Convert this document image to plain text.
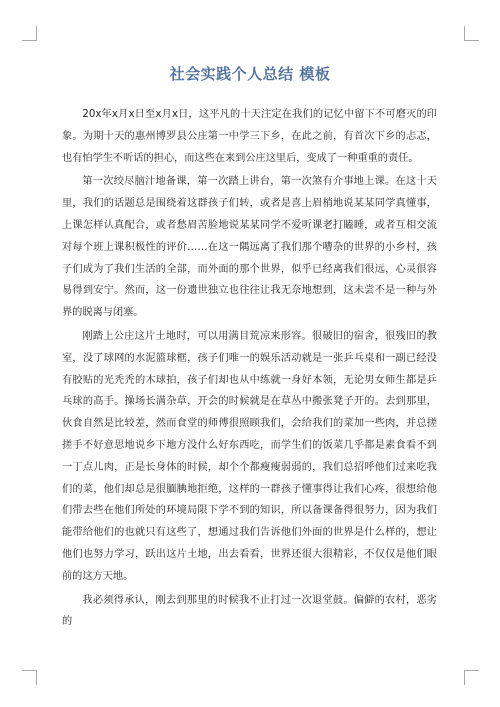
社会实践个人总结 模板

20x年x月x日至x月x日，这平凡的十天注定在我们的记忆中留下不可磨灭的印象。为期十天的惠州博罗县公庄第一中学三下乡，在此之前，有首次下乡的忐忑，也有怕学生不听话的担心，而这些在来到公庄这里后，变成了一种重重的责任。

第一次绞尽脑汁地备课，第一次踏上讲台，第一次煞有介事地上课。在这十天里，我们的话题总是围绕着这群孩子们转，或者是喜上眉梢地说某某同学真懂事，上课怎样认真配合，或者愁眉苦脸地说某某同学不爱听课老打瞌睡，或者互相交流对每个班上课积极性的评价……在这一隅远离了我们那个嘈杂的世界的小乡村，孩子们成为了我们生活的全部，而外面的那个世界，似乎已经离我们很远，心灵很容易得到安宁。然而，这一份遗世独立也往往让我无奈地想到，这未尝不是一种与外界的脱离与闭塞。

刚踏上公庄这片土地时，可以用满目荒凉来形容。很破旧的宿舍，很残旧的教室，没了球网的水泥篮球框，孩子们唯一的娱乐活动就是一张乒乓桌和一副已经没有胶贴的光秃秃的木球拍，孩子们却也从中练就一身好本领，无论男女师生都是乒乓球的高手。操场长满杂草，开会的时候就是在草丛中搬张凳子开的。去到那里，伙食自然是比较差，然而食堂的师傅很照顾我们，会给我们的菜加一些肉，并总搓搓手不好意思地说乡下地方没什么好东西吃，而学生们的饭菜几乎都是素食看不到一丁点儿肉，正是长身体的时候，却个个都瘦瘦弱弱的，我们总招呼他们过来吃我们的菜，他们却总是很腼腆地拒绝，这样的一群孩子懂事得让我们心疼，很想给他们带去些在他们所处的环境局限下学不到的知识，所以备课备得很努力，因为我们能带给他们的也就只有这些了，想通过我们告诉他们外面的世界是什么样的，想让他们也努力学习，跃出这片土地，出去看看，世界还很大很精彩，不仅仅是他们眼前的这方天地。

我必须得承认，刚去到那里的时候我不止打过一次退堂鼓。偏僻的农村，恶劣的
